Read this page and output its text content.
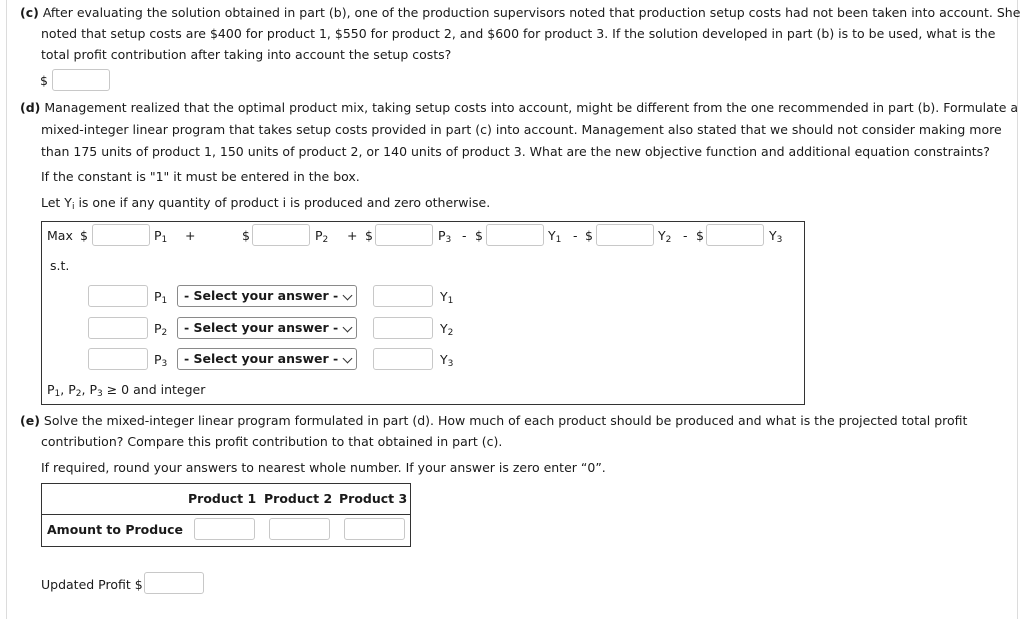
(c) After evaluating the solution obtained in part (b), one of the production supervisors noted that production setup costs had not been taken into account. She
noted that setup costs are $400 for product 1, $550 for product 2, and $600 for product 3. If the solution developed in part (b) is to be used, what is the
total profit contribution after taking into account the setup costs?
$
(d) Management realized that the optimal product mix, taking setup costs into account, might be different from the one recommended in part (b). Formulate a
mixed-integer linear program that takes setup costs provided in part (c) into account. Management also stated that we should not consider making more
than 175 units of product 1, 150 units of product 2, or 140 units of product 3. What are the new objective function and additional equation constraints?
If the constant is "1" it must be entered in the box.
Let $Y_i$ is one if any quantity of product i is produced and zero otherwise.
Max $	$P_1$ +	$	$P_2$ + $	$P_3$ - $	$Y_1$ - $	$Y_2$ - $	$Y_3$
s.t.
$P_1$	- Select your answer -	$Y_1$
$P_2$	- Select your answer -	$Y_2$
$P_3$	- Select your answer -	$Y_3$
$P_1$, $P_2$, $P_3 \ge 0$ and integer
(e) Solve the mixed-integer linear program formulated in part (d). How much of each product should be produced and what is the projected total profit
contribution? Compare this profit contribution to that obtained in part (c).
If required, round your answers to nearest whole number. If your answer is zero enter “0”.
Product 1 Product 2 Product 3
Amount to Produce
Updated Profit $
